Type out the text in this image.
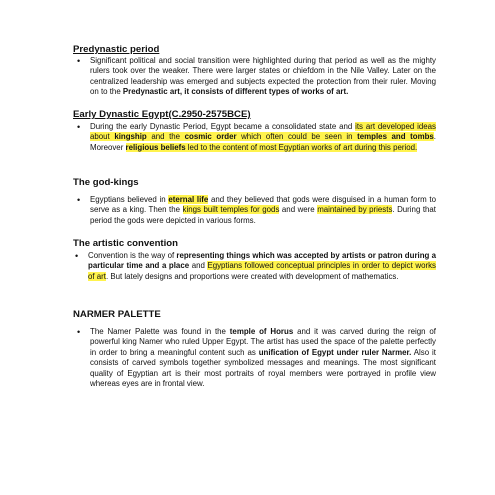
Predynastic period
• Significant political and social transition were highlighted during that period as well as the mighty rulers took over the weaker. There were larger states or chiefdom in the Nile Valley. Later on the centralized leadership was emerged and subjects expected the protection from their ruler. Moving on to the Predynastic art, it consists of different types of works of art.
Early Dynastic Egypt(C.2950-2575BCE)
• During the early Dynastic Period, Egypt became a consolidated state and its art developed ideas about kingship and the cosmic order which often could be seen in temples and tombs. Moreover religious beliefs led to the content of most Egyptian works of art during this period.
The god-kings
• Egyptians believed in eternal life and they believed that gods were disguised in a human form to serve as a king. Then the kings built temples for gods and were maintained by priests. During that period the gods were depicted in various forms.
The artistic convention
• Convention is the way of representing things which was accepted by artists or patron during a particular time and a place and Egyptians followed conceptual principles in order to depict works of art. But lately designs and proportions were created with development of mathematics.
NARMER PALETTE
• The Namer Palette was found in the temple of Horus and it was carved during the reign of powerful king Namer who ruled Upper Egypt. The artist has used the space of the palette perfectly in order to bring a meaningful content such as unification of Egypt under ruler Narmer. Also it consists of carved symbols together symbolized messages and meanings. The most significant quality of Egyptian art is their most portraits of royal members were portrayed in profile view whereas eyes are in frontal view.
